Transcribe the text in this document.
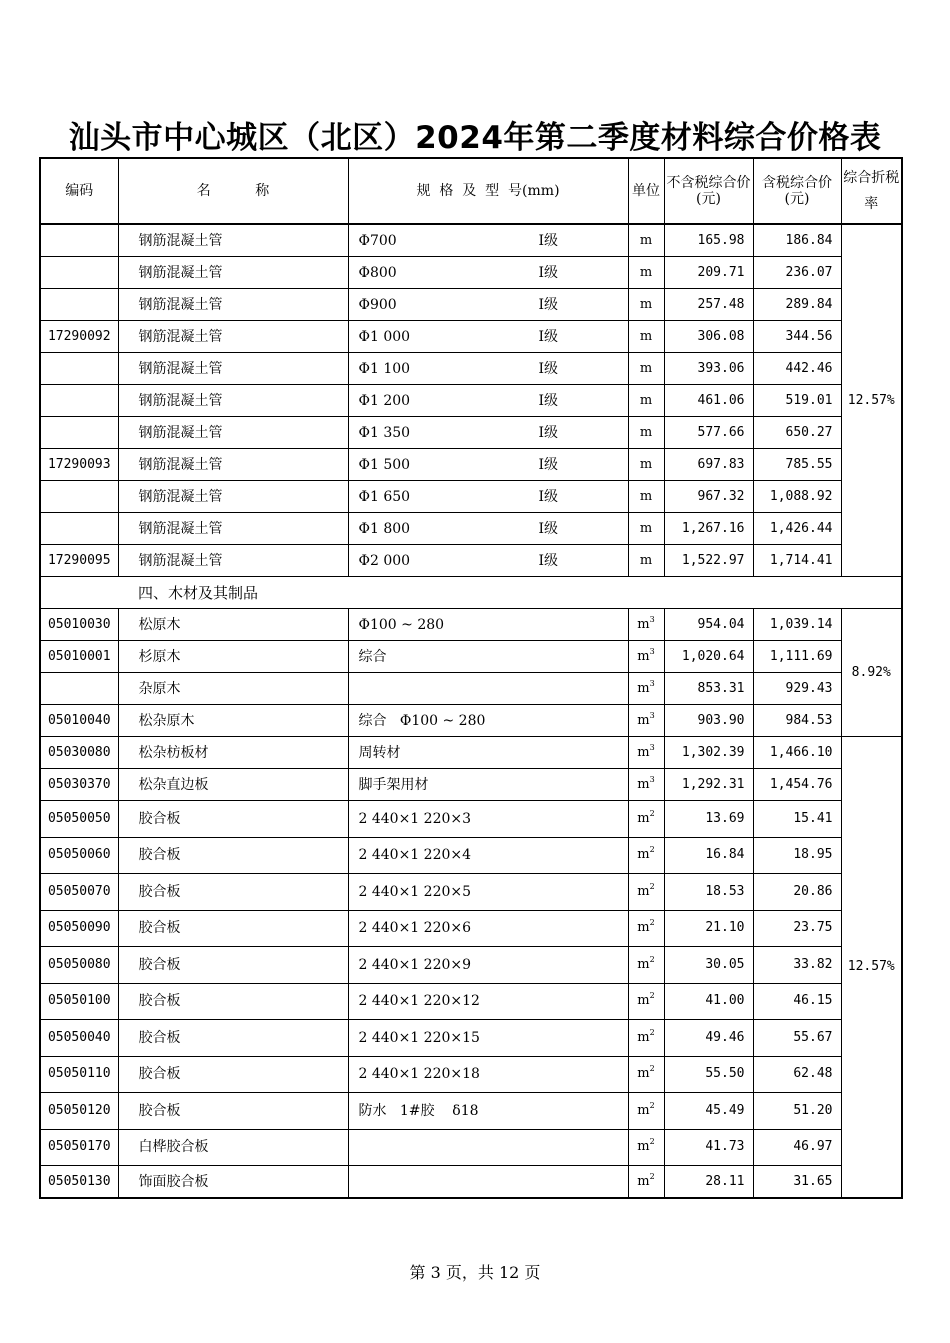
汕头市中心城区（北区）2024年第二季度材料综合价格表
编码	名          称	规  格  及  型  号(mm)	单位	不含税综合价(元)	含税综合价(元)	综合折税率
	钢筋混凝土管	Φ700 Ⅰ级	m	165.98	186.84	12.57%
	钢筋混凝土管	Φ800 Ⅰ级	m	209.71	236.07	
	钢筋混凝土管	Φ900 Ⅰ级	m	257.48	289.84	
17290092	钢筋混凝土管	Φ1 000 Ⅰ级	m	306.08	344.56	
	钢筋混凝土管	Φ1 100 Ⅰ级	m	393.06	442.46	
	钢筋混凝土管	Φ1 200 Ⅰ级	m	461.06	519.01	
	钢筋混凝土管	Φ1 350 Ⅰ级	m	577.66	650.27	
17290093	钢筋混凝土管	Φ1 500 Ⅰ级	m	697.83	785.55	
	钢筋混凝土管	Φ1 650 Ⅰ级	m	967.32	1,088.92	
	钢筋混凝土管	Φ1 800 Ⅰ级	m	1,267.16	1,426.44	
17290095	钢筋混凝土管	Φ2 000 Ⅰ级	m	1,522.97	1,714.41	
四、木材及其制品						
05010030	松原木	Φ100 ~ 280	$m^3$	954.04	1,039.14	8.92%
05010001	杉原木	综合	$m^3$	1,020.64	1,111.69	
	杂原木		$m^3$	853.31	929.43	
05010040	松杂原木	综合   Φ100 ~ 280	$m^3$	903.90	984.53	
05030080	松杂枋板材	周转材	$m^3$	1,302.39	1,466.10	12.57%
05030370	松杂直边板	脚手架用材	$m^3$	1,292.31	1,454.76	
05050050	胶合板	2 440×1 220×3	$m^2$	13.69	15.41	
05050060	胶合板	2 440×1 220×4	$m^2$	16.84	18.95	
05050070	胶合板	2 440×1 220×5	$m^2$	18.53	20.86	
05050090	胶合板	2 440×1 220×6	$m^2$	21.10	23.75	
05050080	胶合板	2 440×1 220×9	$m^2$	30.05	33.82	
05050100	胶合板	2 440×1 220×12	$m^2$	41.00	46.15	
05050040	胶合板	2 440×1 220×15	$m^2$	49.46	55.67	
05050110	胶合板	2 440×1 220×18	$m^2$	55.50	62.48	
05050120	胶合板	防水   1#胶    δ18	$m^2$	45.49	51.20	
05050170	白桦胶合板		$m^2$	41.73	46.97	
05050130	饰面胶合板		$m^2$	28.11	31.65	
第 3 页，共 12 页
